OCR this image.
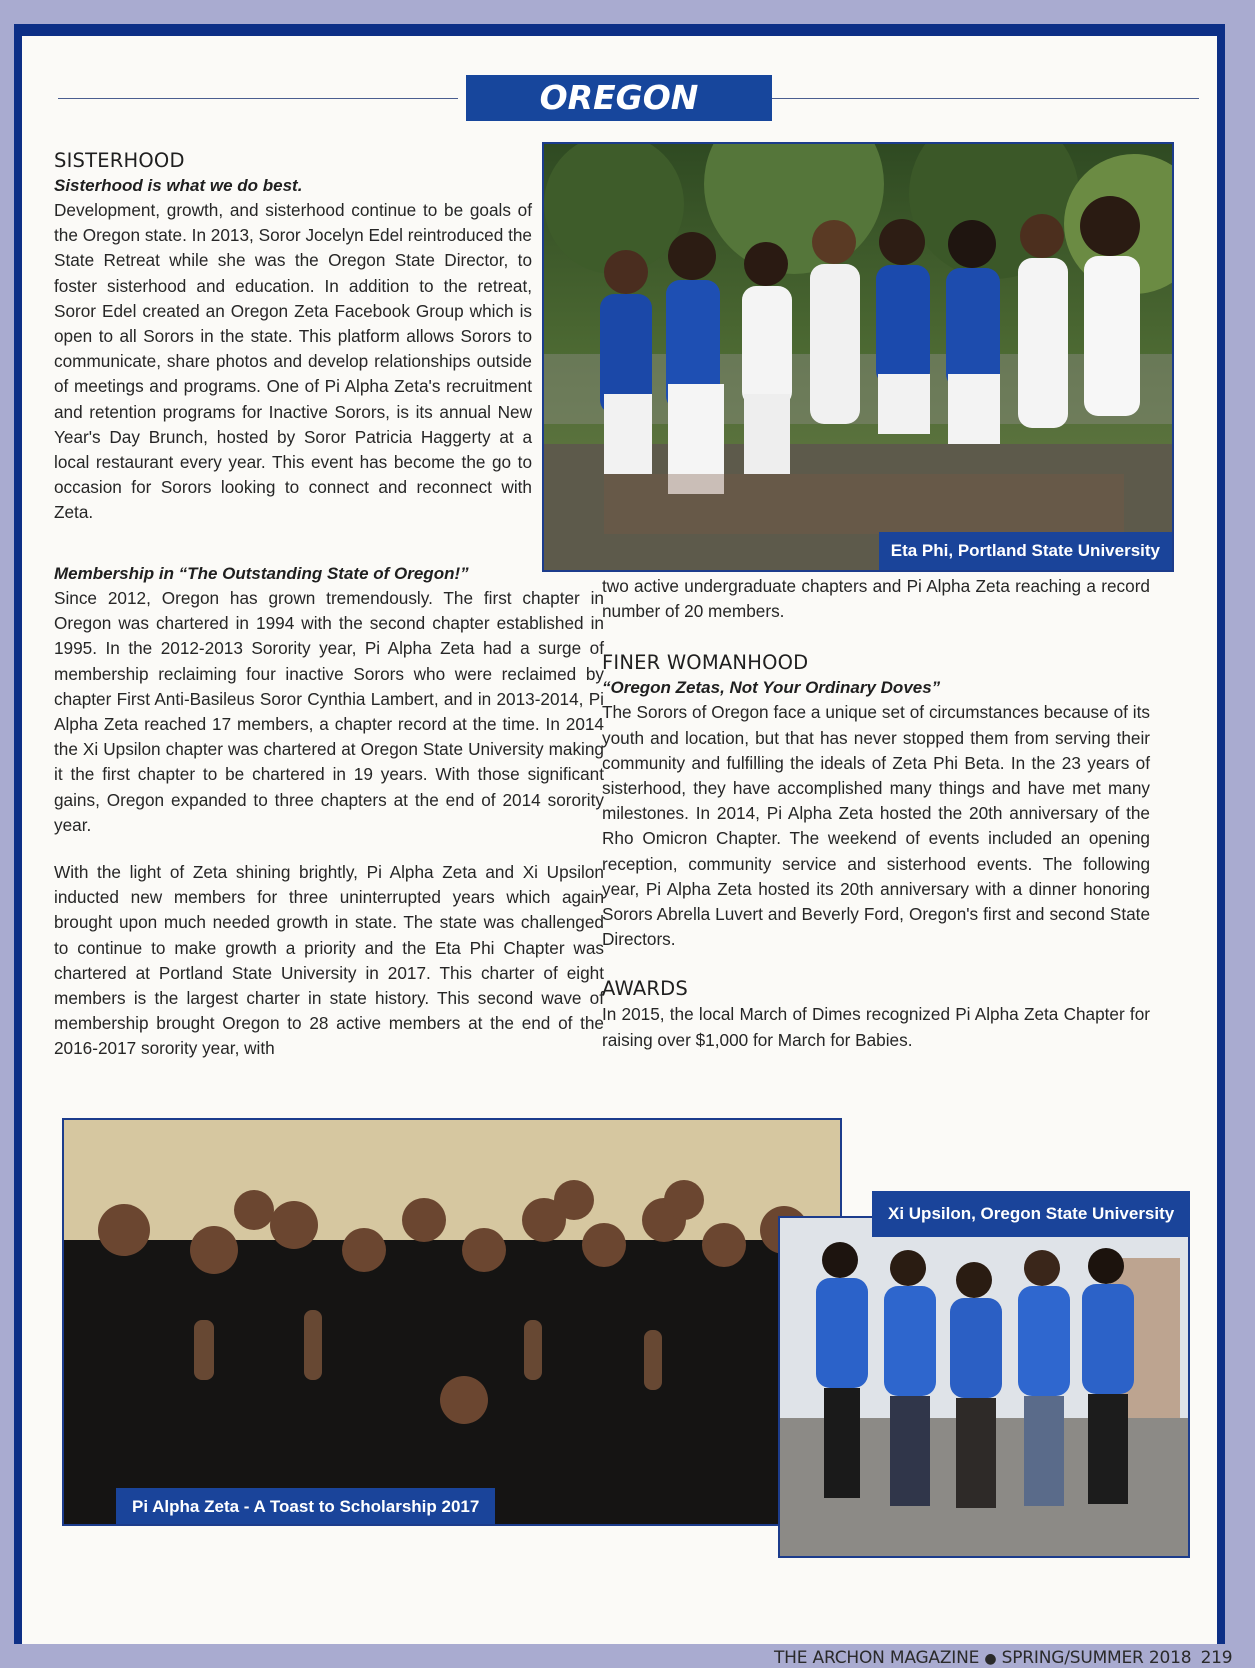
OREGON
SISTERHOOD
Sisterhood is what we do best.

Development, growth, and sisterhood continue to be goals of the Oregon state. In 2013, Soror Jocelyn Edel reintroduced the State Retreat while she was the Oregon State Director, to foster sisterhood and education. In addition to the retreat, Soror Edel created an Oregon Zeta Facebook Group which is open to all Sorors in the state. This platform allows Sorors to communicate, share photos and develop relationships outside of meetings and programs. One of Pi Alpha Zeta's recruitment and retention programs for Inactive Sorors, is its annual New Year's Day Brunch, hosted by Soror Patricia Haggerty at a local restaurant every year. This event has become the go to occasion for Sorors looking to connect and reconnect with Zeta.

Membership in “The Outstanding State of Oregon!”

Since 2012, Oregon has grown tremendously. The first chapter in Oregon was chartered in 1994 with the second chapter established in 1995. In the 2012-2013 Sorority year, Pi Alpha Zeta had a surge of membership reclaiming four inactive Sorors who were reclaimed by chapter First Anti-Basileus Soror Cynthia Lambert, and in 2013-2014, Pi Alpha Zeta reached 17 members, a chapter record at the time. In 2014 the Xi Upsilon chapter was chartered at Oregon State University making it the first chapter to be chartered in 19 years. With those significant gains, Oregon expanded to three chapters at the end of 2014 sorority year.

With the light of Zeta shining brightly, Pi Alpha Zeta and Xi Upsilon inducted new members for three uninterrupted years which again brought upon much needed growth in state. The state was challenged to continue to make growth a priority and the Eta Phi Chapter was chartered at Portland State University in 2017. This charter of eight members is the largest charter in state history. This second wave of membership brought Oregon to 28 active members at the end of the 2016-2017 sorority year, with

two active undergraduate chapters and Pi Alpha Zeta reaching a record number of 20 members.

FINER WOMANHOOD
“Oregon Zetas, Not Your Ordinary Doves”

The Sorors of Oregon face a unique set of circumstances because of its youth and location, but that has never stopped them from serving their community and fulfilling the ideals of Zeta Phi Beta. In the 23 years of sisterhood, they have accomplished many things and have met many milestones. In 2014, Pi Alpha Zeta hosted the 20th anniversary of the Rho Omicron Chapter. The weekend of events included an opening reception, community service and sisterhood events. The following year, Pi Alpha Zeta hosted its 20th anniversary with a dinner honoring Sorors Abrella Luvert and Beverly Ford, Oregon's first and second State Directors.

AWARDS

In 2015, the local March of Dimes recognized Pi Alpha Zeta Chapter for raising over $1,000 for March for Babies.

Eta Phi, Portland State University
Pi Alpha Zeta - A Toast to Scholarship 2017
Xi Upsilon, Oregon State University
THE ARCHON MAGAZINE ● SPRING/SUMMER 2018 219
